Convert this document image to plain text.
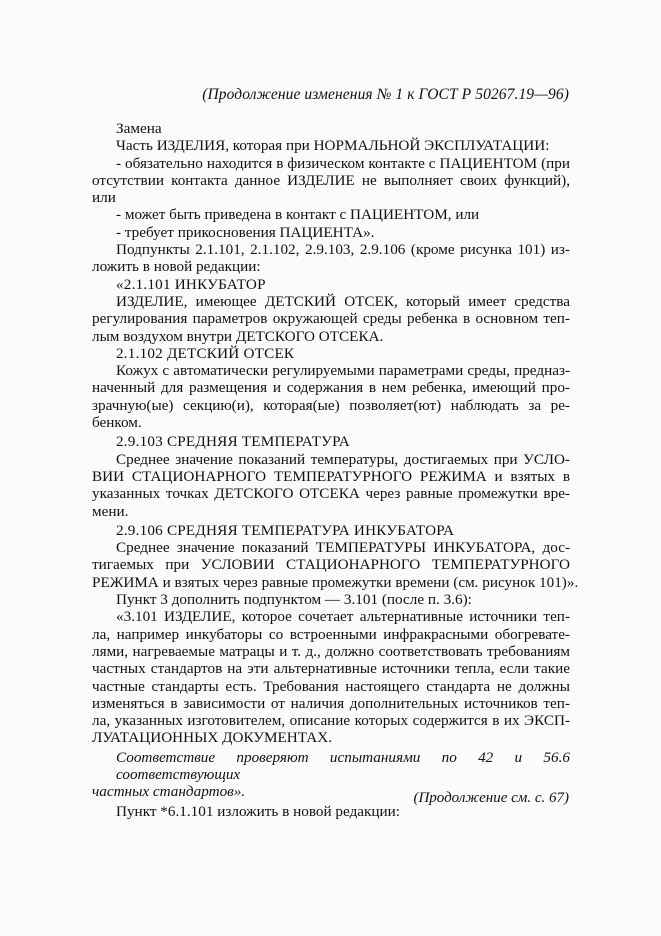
(Продолжение изменения № 1 к ГОСТ Р 50267.19—96)
Замена
Часть ИЗДЕЛИЯ, которая при НОРМАЛЬНОЙ ЭКСПЛУАТАЦИИ:
- обязательно находится в физическом контакте с ПАЦИЕНТОМ (при
отсутствии контакта данное ИЗДЕЛИЕ не выполняет своих функций),
или
- может быть приведена в контакт с ПАЦИЕНТОМ, или
- требует прикосновения ПАЦИЕНТА».
Подпункты 2.1.101, 2.1.102, 2.9.103, 2.9.106 (кроме рисунка 101) из-
ложить в новой редакции:
«2.1.101 ИНКУБАТОР
ИЗДЕЛИЕ, имеющее ДЕТСКИЙ ОТСЕК, который имеет средства
регулирования параметров окружающей среды ребенка в основном теп-
лым воздухом внутри ДЕТСКОГО ОТСЕКА.
2.1.102 ДЕТСКИЙ ОТСЕК
Кожух с автоматически регулируемыми параметрами среды, предназ-
наченный для размещения и содержания в нем ребенка, имеющий про-
зрачную(ые) секцию(и), которая(ые) позволяет(ют) наблюдать за ре-
бенком.
2.9.103 СРЕДНЯЯ ТЕМПЕРАТУРА
Среднее значение показаний температуры, достигаемых при УСЛО-
ВИИ СТАЦИОНАРНОГО ТЕМПЕРАТУРНОГО РЕЖИМА и взятых в
указанных точках ДЕТСКОГО ОТСЕКА через равные промежутки вре-
мени.
2.9.106 СРЕДНЯЯ ТЕМПЕРАТУРА ИНКУБАТОРА
Среднее значение показаний ТЕМПЕРАТУРЫ ИНКУБАТОРА, дос-
тигаемых при УСЛОВИИ СТАЦИОНАРНОГО ТЕМПЕРАТУРНОГО
РЕЖИМА и взятых через равные промежутки времени (см. рисунок 101)».
Пункт 3 дополнить подпунктом — 3.101 (после п. 3.6):
«3.101 ИЗДЕЛИЕ, которое сочетает альтернативные источники теп-
ла, например инкубаторы со встроенными инфракрасными обогревате-
лями, нагреваемые матрацы и т. д., должно соответствовать требованиям
частных стандартов на эти альтернативные источники тепла, если такие
частные стандарты есть. Требования настоящего стандарта не должны
изменяться в зависимости от наличия дополнительных источников теп-
ла, указанных изготовителем, описание которых содержится в их ЭКСП-
ЛУАТАЦИОННЫХ ДОКУМЕНТАХ.
Соответствие проверяют испытаниями по 42 и 56.6 соответствующих
частных стандартов».
Пункт *6.1.101 изложить в новой редакции:
(Продолжение см. с. 67)
